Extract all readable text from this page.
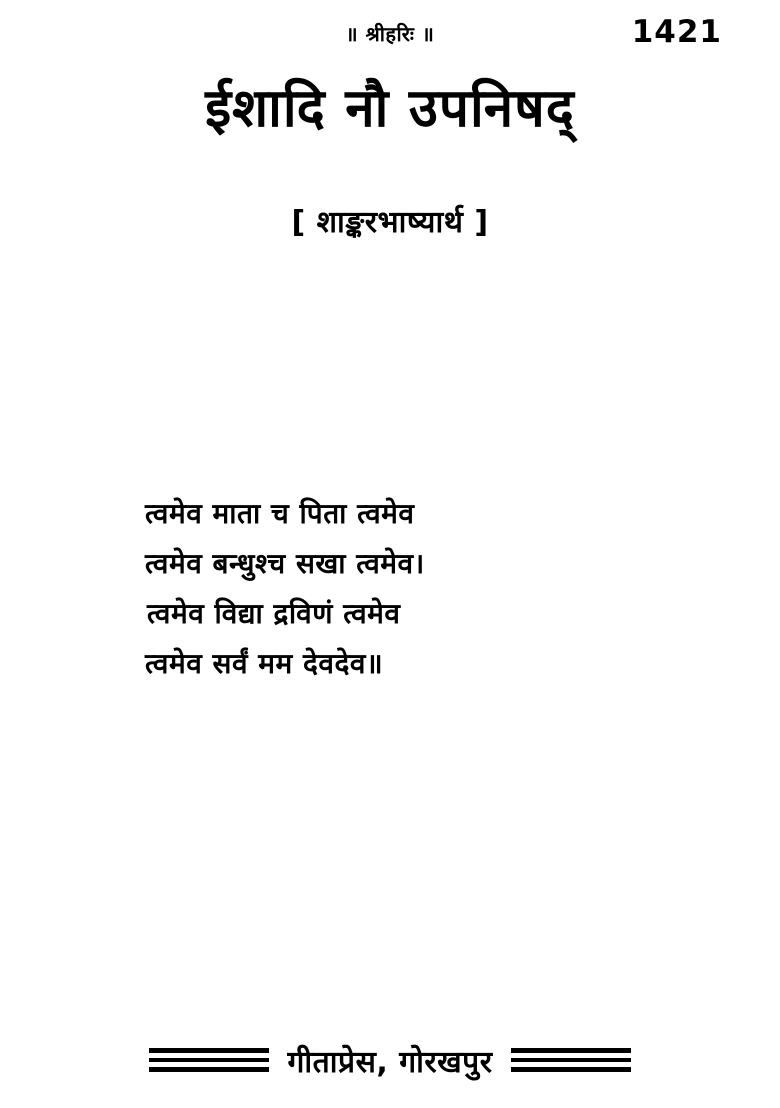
॥ श्रीहरिः ॥	1421
ईशादि नौ उपनिषद्
[ शाङ्करभाष्यार्थ ]
त्वमेव माता च पिता त्वमेव
त्वमेव बन्धुश्च सखा त्वमेव।
त्वमेव विद्या द्रविणं त्वमेव
त्वमेव सर्वं मम देवदेव॥
गीताप्रेस, गोरखपुर
